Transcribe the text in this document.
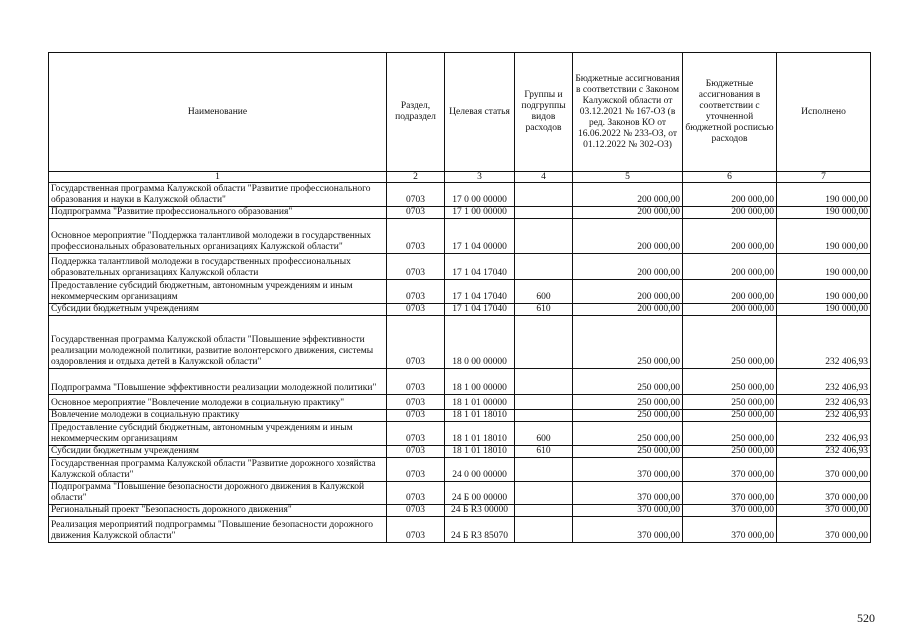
Наименование	Раздел, подраздел	Целевая статья	Группы и подгруппы видов расходов	Бюджетные ассигнования в соответствии с Законом Калужской области от 03.12.2021 № 167-ОЗ (в ред. Законов КО от 16.06.2022 № 233-ОЗ, от 01.12.2022 № 302-ОЗ)	Бюджетные ассигнования в соответствии с уточненной бюджетной росписью расходов	Исполнено
1	2	3	4	5	6	7
Государственная программа Калужской области "Развитие профессионального образования и науки в Калужской области"	0703	17 0 00 00000		200 000,00	200 000,00	190 000,00
Подпрограмма "Развитие профессионального образования"	0703	17 1 00 00000		200 000,00	200 000,00	190 000,00
Основное мероприятие "Поддержка талантливой молодежи в государственных профессиональных образовательных организациях Калужской области"	0703	17 1 04 00000		200 000,00	200 000,00	190 000,00
Поддержка талантливой молодежи в государственных профессиональных образовательных организациях Калужской области	0703	17 1 04 17040		200 000,00	200 000,00	190 000,00
Предоставление субсидий бюджетным, автономным учреждениям и иным некоммерческим организациям	0703	17 1 04 17040	600	200 000,00	200 000,00	190 000,00
Субсидии бюджетным учреждениям	0703	17 1 04 17040	610	200 000,00	200 000,00	190 000,00
Государственная программа Калужской области "Повышение эффективности реализации молодежной политики, развитие волонтерского движения, системы оздоровления и отдыха детей в Калужской области"	0703	18 0 00 00000		250 000,00	250 000,00	232 406,93
Подпрограмма "Повышение эффективности реализации молодежной политики"	0703	18 1 00 00000		250 000,00	250 000,00	232 406,93
Основное мероприятие "Вовлечение молодежи в социальную практику"	0703	18 1 01 00000		250 000,00	250 000,00	232 406,93
Вовлечение молодежи в социальную практику	0703	18 1 01 18010		250 000,00	250 000,00	232 406,93
Предоставление субсидий бюджетным, автономным учреждениям и иным некоммерческим организациям	0703	18 1 01 18010	600	250 000,00	250 000,00	232 406,93
Субсидии бюджетным учреждениям	0703	18 1 01 18010	610	250 000,00	250 000,00	232 406,93
Государственная программа Калужской области "Развитие дорожного хозяйства Калужской области"	0703	24 0 00 00000		370 000,00	370 000,00	370 000,00
Подпрограмма "Повышение безопасности дорожного движения в Калужской области"	0703	24 Б 00 00000		370 000,00	370 000,00	370 000,00
Региональный проект "Безопасность дорожного движения"	0703	24 Б R3 00000		370 000,00	370 000,00	370 000,00
Реализация мероприятий подпрограммы "Повышение безопасности дорожного движения Калужской области"	0703	24 Б R3 85070		370 000,00	370 000,00	370 000,00
520
